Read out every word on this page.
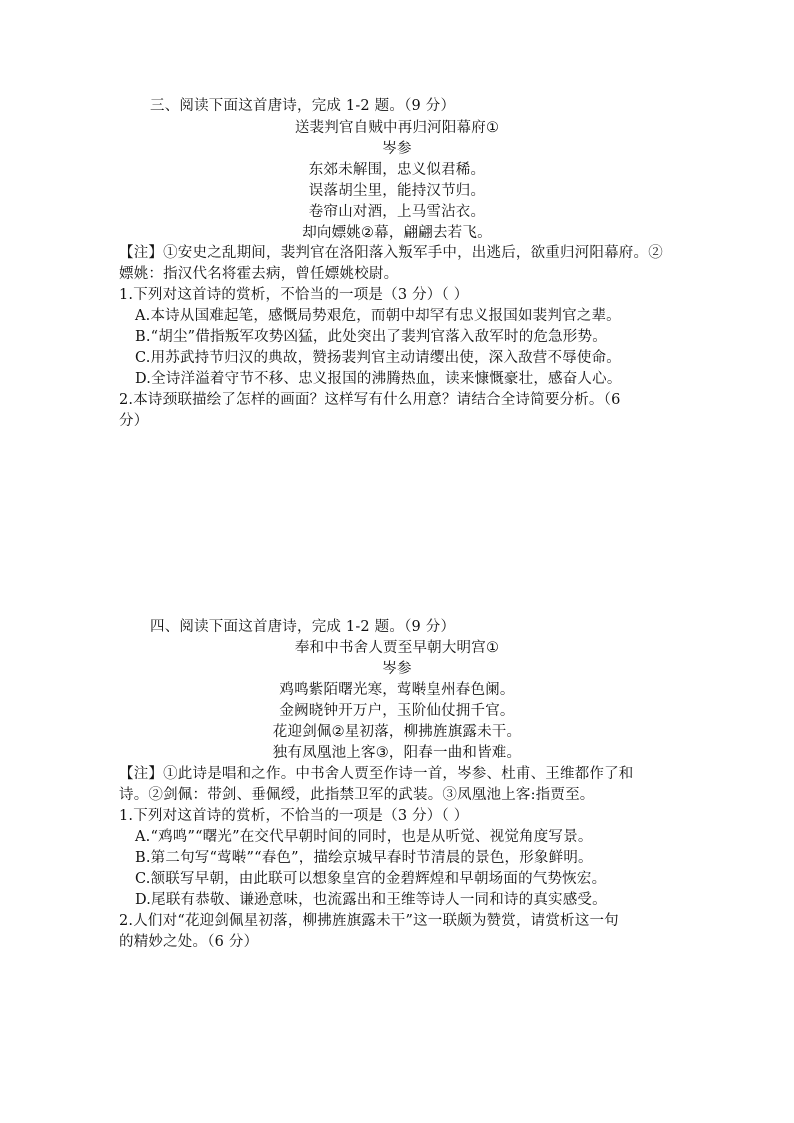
三、阅读下面这首唐诗，完成 1-2 题。（9 分）
送裴判官自贼中再归河阳幕府①
岑参
东郊未解围，忠义似君稀。
误落胡尘里，能持汉节归。
卷帘山对酒，上马雪沾衣。
却向嫖姚②幕，翩翩去若飞。
【注】①安史之乱期间，裴判官在洛阳落入叛军手中，出逃后，欲重归河阳幕府。②
嫖姚：指汉代名将霍去病，曾任嫖姚校尉。
1.下列对这首诗的赏析，不恰当的一项是（3 分）（ ）
A.本诗从国难起笔，感慨局势艰危，而朝中却罕有忠义报国如裴判官之辈。
B.“胡尘”借指叛军攻势凶猛，此处突出了裴判官落入敌军时的危急形势。
C.用苏武持节归汉的典故，赞扬裴判官主动请缨出使，深入敌营不辱使命。
D.全诗洋溢着守节不移、忠义报国的沸腾热血，读来慷慨豪壮，感奋人心。
2.本诗颈联描绘了怎样的画面？这样写有什么用意？请结合全诗简要分析。（6
分）
四、阅读下面这首唐诗，完成 1-2 题。（9 分）
奉和中书舍人贾至早朝大明宫①
岑参
鸡鸣紫陌曙光寒，莺啭皇州春色阑。
金阙晓钟开万户，玉阶仙仗拥千官。
花迎剑佩②星初落，柳拂旌旗露未干。
独有凤凰池上客③，阳春一曲和皆难。
【注】①此诗是唱和之作。中书舍人贾至作诗一首，岑参、杜甫、王维都作了和
诗。②剑佩：带剑、垂佩绶，此指禁卫军的武装。③凤凰池上客:指贾至。
1.下列对这首诗的赏析，不恰当的一项是（3 分）（ ）
A.“鸡鸣”“曙光”在交代早朝时间的同时，也是从听觉、视觉角度写景。
B.第二句写“莺啭”“春色”，描绘京城早春时节清晨的景色，形象鲜明。
C.颔联写早朝，由此联可以想象皇宫的金碧辉煌和早朝场面的气势恢宏。
D.尾联有恭敬、谦逊意味，也流露出和王维等诗人一同和诗的真实感受。
2.人们对“花迎剑佩星初落，柳拂旌旗露未干”这一联颇为赞赏，请赏析这一句
的精妙之处。（6 分）
